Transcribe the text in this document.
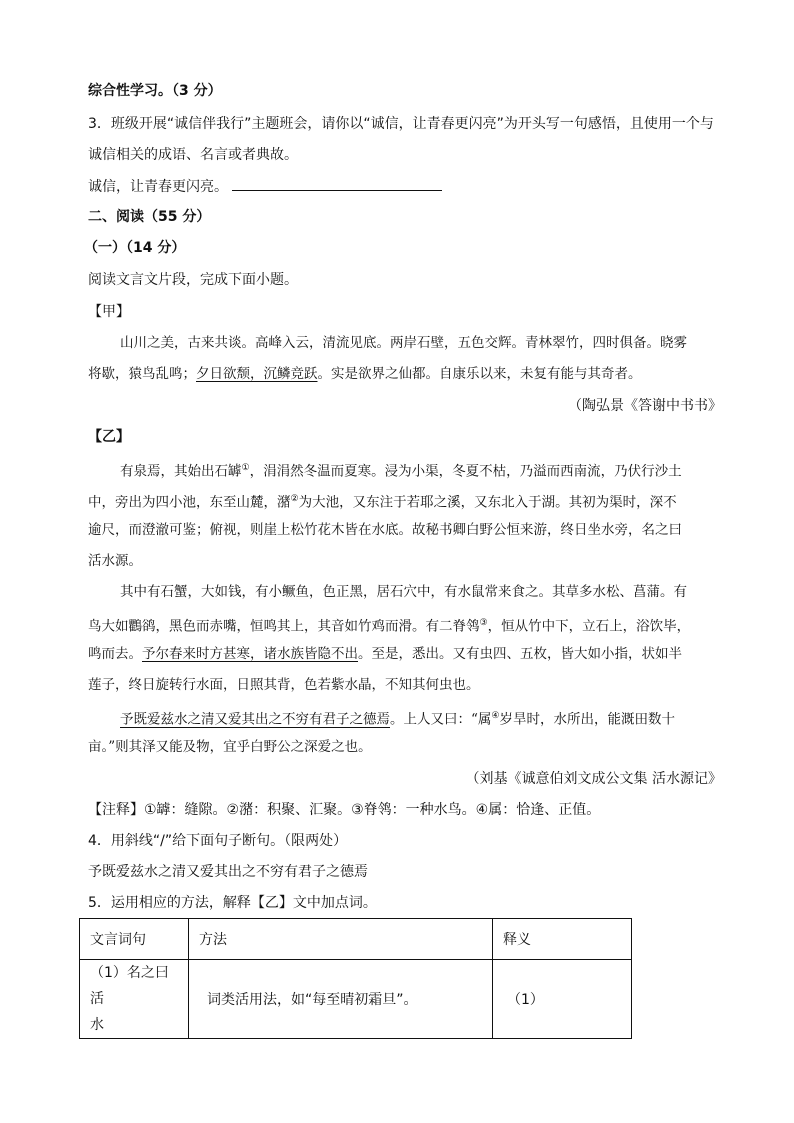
综合性学习。（3 分）
3．班级开展“诚信伴我行”主题班会，请你以“诚信，让青春更闪亮”为开头写一句感悟，且使用一个与
诚信相关的成语、名言或者典故。
诚信，让青春更闪亮。
二、阅读（55 分）
（一）（14 分）
阅读文言文片段，完成下面小题。
【甲】
山川之美，古来共谈。高峰入云，清流见底。两岸石壁，五色交辉。青林翠竹，四时俱备。晓雾
将歇，猿鸟乱鸣；夕日欲颓，沉鳞竞跃。实是欲界之仙都。自康乐以来，未复有能与其奇者。
（陶弘景《答谢中书书》
【乙】
有泉焉，其始出石罅①，涓涓然冬温而夏寒。浸为小渠，冬夏不枯，乃溢而西南流，乃伏行沙土
中，旁出为四小池，东至山麓，潴②为大池，又东注于若耶之溪，又东北入于湖。其初为渠时，深不
逾尺，而澄澈可鉴；俯视，则崖上松竹花木皆在水底。故秘书卿白野公恒来游，终日坐水旁，名之曰
活水源。
其中有石蟹，大如钱，有小鳜鱼，色正黑，居石穴中，有水鼠常来食之。其草多水松、菖蒲。有
鸟大如鸜鹆，黑色而赤嘴，恒鸣其上，其音如竹鸡而滑。有二脊鸰③，恒从竹中下，立石上，浴饮毕，
鸣而去。予尔春来时方甚寒，诸水族皆隐不出。至是，悉出。又有虫四、五枚，皆大如小指，状如半
莲子，终日旋转行水面，日照其背，色若紫水晶，不知其何虫也。
予既爱兹水之清又爱其出之不穷有君子之德焉。上人又曰：“属④岁旱时，水所出，能溉田数十
亩。”则其泽又能及物，宜乎白野公之深爱之也。
（刘基《诚意伯刘文成公文集 活水源记》
【注释】①罅：缝隙。②潴：积聚、汇聚。③脊鸰：一种水鸟。④属：恰逢、正值。
4．用斜线“/”给下面句子断句。（限两处）
予既爱兹水之清又爱其出之不穷有君子之德焉
5．运用相应的方法，解释【乙】文中加点词。
文言词句	方法	释义

（1）名之曰活
水	词类活用法，如“每至晴初霜旦”。	（1）
